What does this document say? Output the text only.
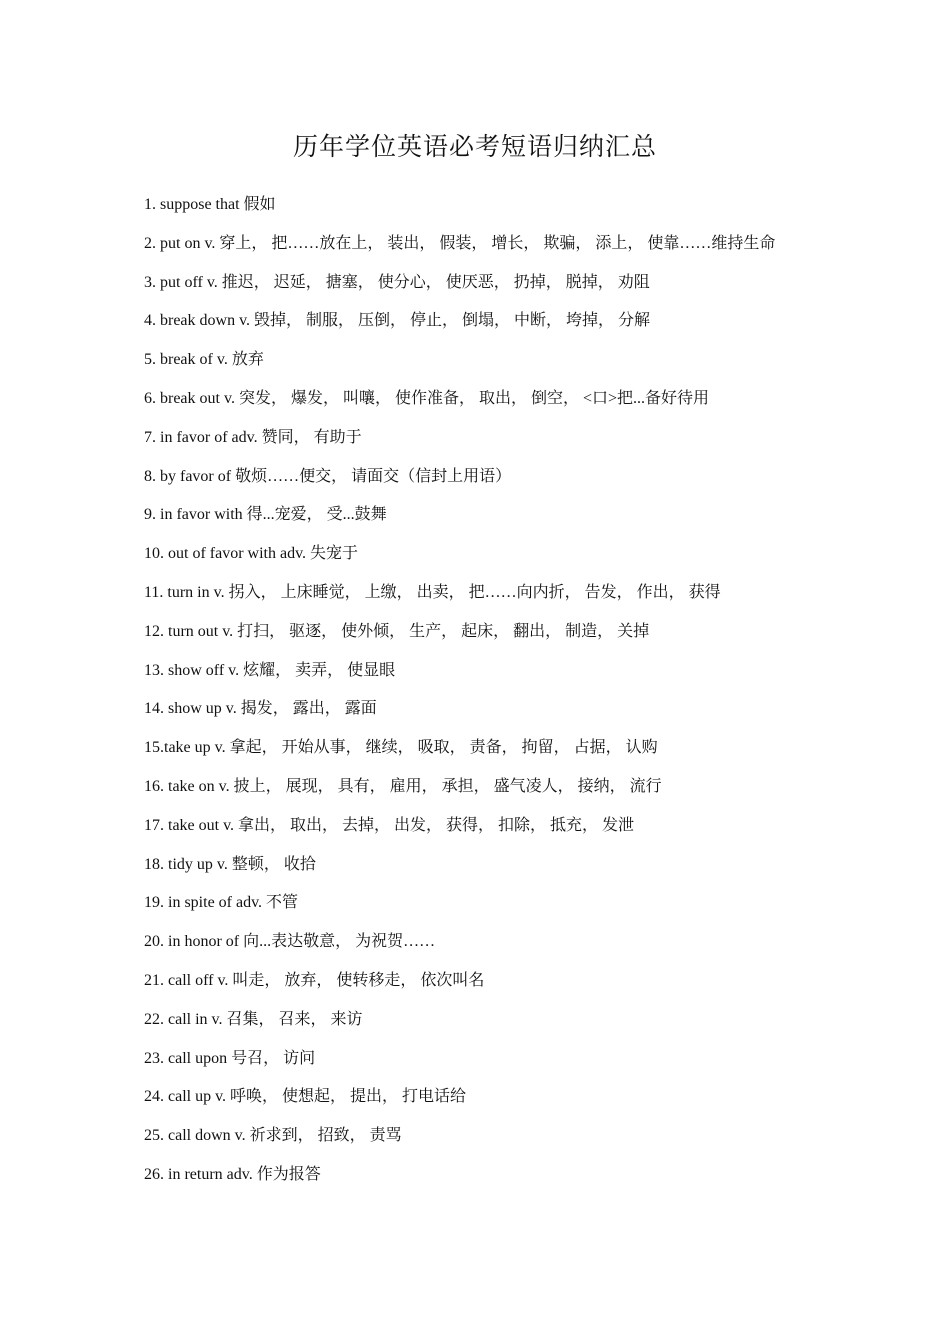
历年学位英语必考短语归纳汇总
1. suppose that 假如
2. put on v. 穿上， 把……放在上， 装出， 假装， 增长， 欺骗， 添上， 使靠……维持生命
3. put off v. 推迟， 迟延， 搪塞， 使分心， 使厌恶， 扔掉， 脱掉， 劝阻
4. break down v. 毁掉， 制服， 压倒， 停止， 倒塌， 中断， 垮掉， 分解
5. break of v. 放弃
6. break out v. 突发， 爆发， 叫嚷， 使作准备， 取出， 倒空， <口>把...备好待用
7. in favor of adv. 赞同， 有助于
8. by favor of 敬烦……便交， 请面交（信封上用语）
9. in favor with 得...宠爱， 受...鼓舞
10. out of favor with adv. 失宠于
11. turn in v. 拐入， 上床睡觉， 上缴， 出卖， 把……向内折， 告发， 作出， 获得
12. turn out v. 打扫， 驱逐， 使外倾， 生产， 起床， 翻出， 制造， 关掉
13. show off v. 炫耀， 卖弄， 使显眼
14. show up v. 揭发， 露出， 露面
15.take up v. 拿起， 开始从事， 继续， 吸取， 责备， 拘留， 占据， 认购
16. take on v. 披上， 展现， 具有， 雇用， 承担， 盛气凌人， 接纳， 流行
17. take out v. 拿出， 取出， 去掉， 出发， 获得， 扣除， 抵充， 发泄
18. tidy up v. 整顿， 收拾
19. in spite of adv. 不管
20. in honor of 向...表达敬意， 为祝贺……
21. call off v. 叫走， 放弃， 使转移走， 依次叫名
22. call in v. 召集， 召来， 来访
23. call upon 号召， 访问
24. call up v. 呼唤， 使想起， 提出， 打电话给
25. call down v. 祈求到， 招致， 责骂
26. in return adv. 作为报答
